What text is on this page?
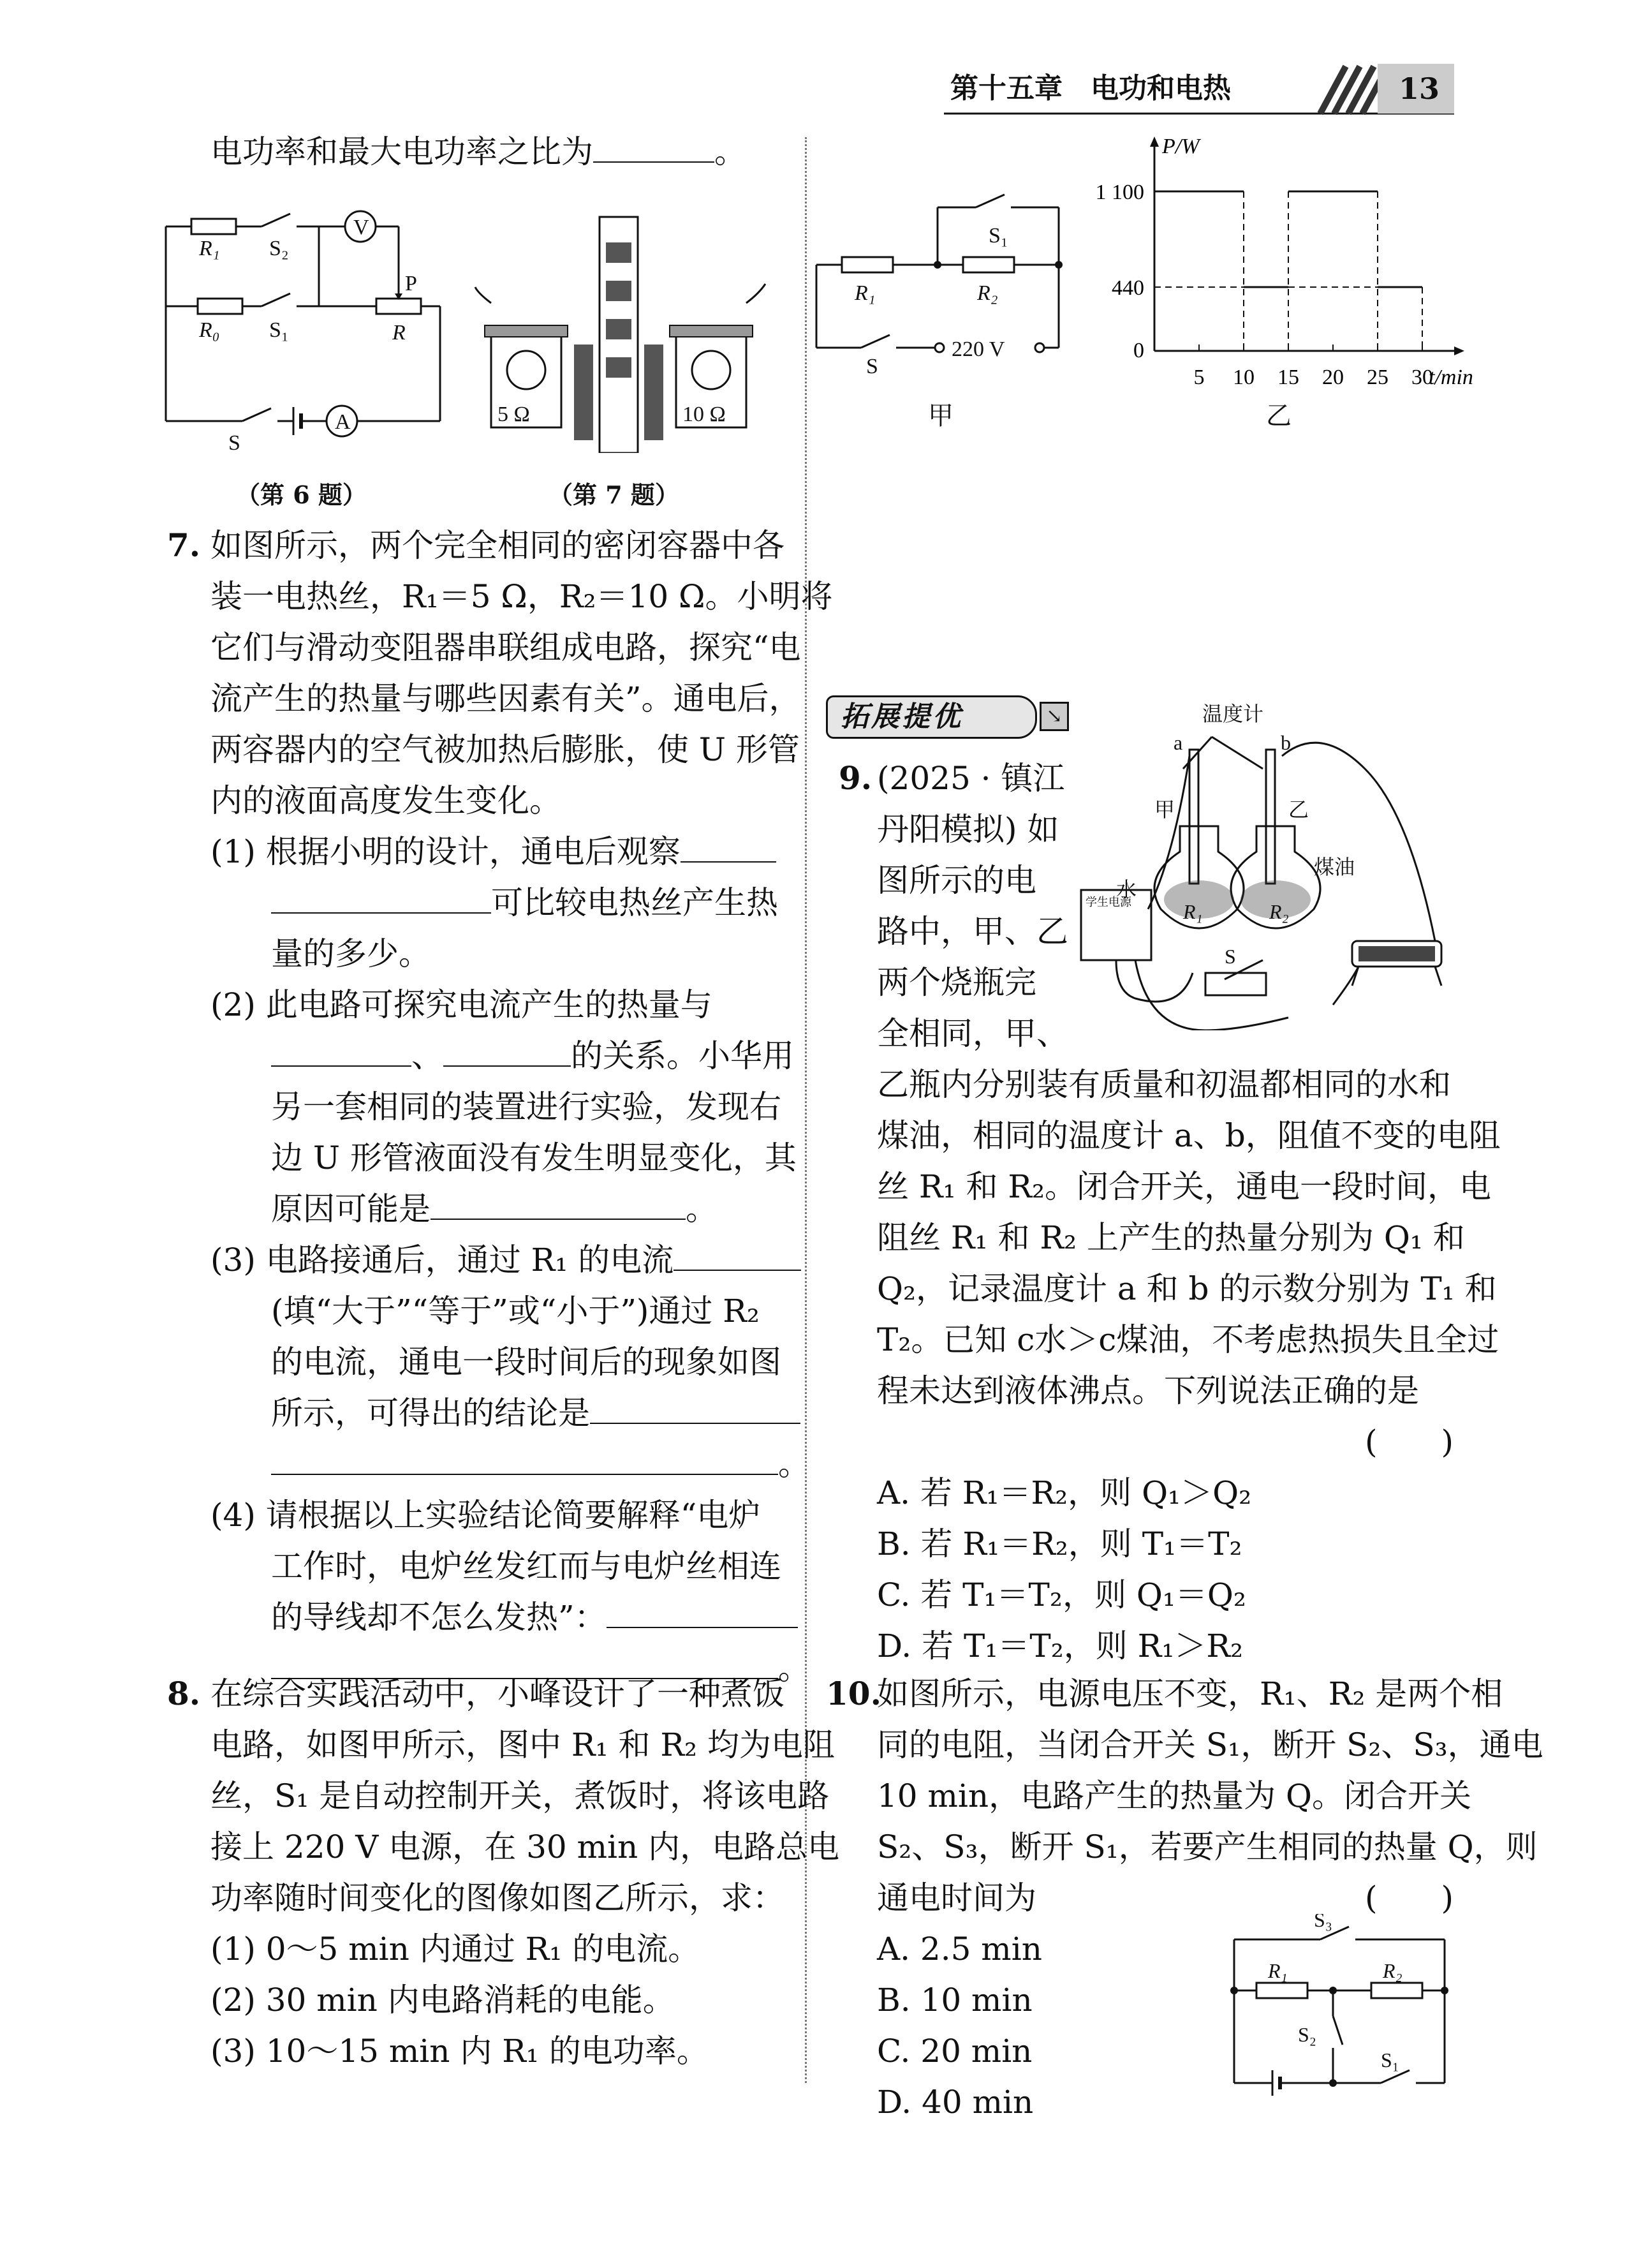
第十五章　电功和电热	13
电功率和最大电功率之比为	。
R₁ S₂
V
P
R₀ S₁	R
S
A
（第 6 题）
5 Ω	10 Ω
（第 7 题）
7. 如图所示，两个完全相同的密闭容器中各
装一电热丝，R₁＝5 Ω，R₂＝10 Ω。小明将
它们与滑动变阻器串联组成电路，探究“电
流产生的热量与哪些因素有关”。通电后，
两容器内的空气被加热后膨胀，使 U 形管
内的液面高度发生变化。
(1) 根据小明的设计，通电后观察
可比较电热丝产生热
量的多少。
(2) 此电路可探究电流产生的热量与
、	的关系。小华用
另一套相同的装置进行实验，发现右
边 U 形管液面没有发生明显变化，其
原因可能是	。
(3) 电路接通后，通过 R₁ 的电流
(填“大于”“等于”或“小于”)通过 R₂
的电流，通电一段时间后的现象如图
所示，可得出的结论是
。
(4) 请根据以上实验结论简要解释“电炉
工作时，电炉丝发红而与电炉丝相连
的导线却不怎么发热”：
。
8. 在综合实践活动中，小峰设计了一种煮饭
电路，如图甲所示，图中 R₁ 和 R₂ 均为电阻
丝，S₁ 是自动控制开关，煮饭时，将该电路
接上 220 V 电源，在 30 min 内，电路总电
功率随时间变化的图像如图乙所示，求：
(1) 0～5 min 内通过 R₁ 的电流。
(2) 30 min 内电路消耗的电能。
(3) 10～15 min 内 R₁ 的电功率。
R₁	R₂
S₁
S
220 V
甲
P/W
t/min
5 10 15 20 25 30
0
1 100
440
乙
拓展提优	↘
9. (2025 · 镇江
丹阳模拟) 如
图所示的电
路中，甲、乙
两个烧瓶完
全相同，甲、
温度计
a	b
甲	乙
水
煤油
R₁	R₂
S
学生电源
乙瓶内分别装有质量和初温都相同的水和
煤油，相同的温度计 a、b，阻值不变的电阻
丝 R₁ 和 R₂。闭合开关，通电一段时间，电
阻丝 R₁ 和 R₂ 上产生的热量分别为 Q₁ 和
Q₂，记录温度计 a 和 b 的示数分别为 T₁ 和
T₂。已知 c水＞c煤油，不考虑热损失且全过
程未达到液体沸点。下列说法正确的是
(　　)
A. 若 R₁＝R₂，则 Q₁＞Q₂
B. 若 R₁＝R₂，则 T₁＝T₂
C. 若 T₁＝T₂，则 Q₁＝Q₂
D. 若 T₁＝T₂，则 R₁＞R₂
10.
如图所示，电源电压不变，R₁、R₂ 是两个相
同的电阻，当闭合开关 S₁，断开 S₂、S₃，通电
10 min，电路产生的热量为 Q。闭合开关
S₂、S₃，断开 S₁，若要产生相同的热量 Q，则
通电时间为	(　　)
A. 2.5 min
B. 10 min
C. 20 min
D. 40 min
S₃
R₁	R₂
S₂
S₁
